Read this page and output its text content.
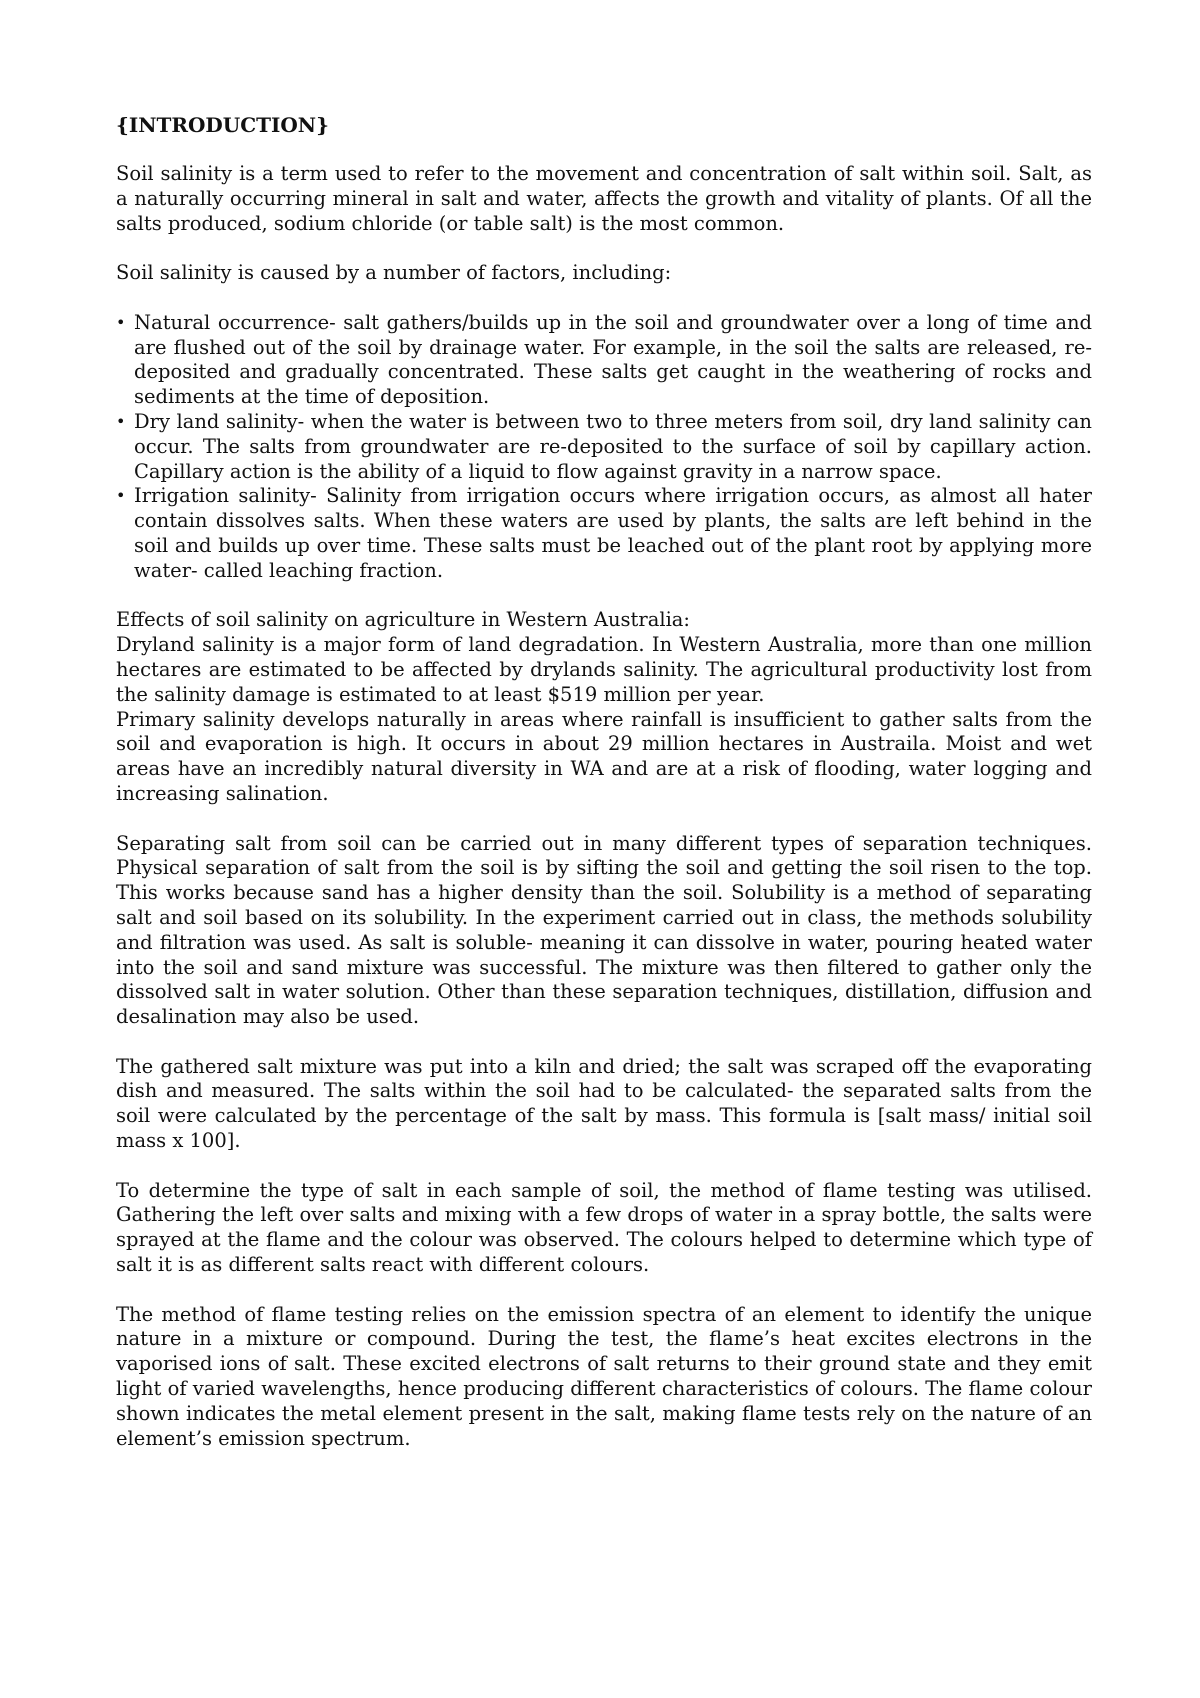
{INTRODUCTION}

Soil salinity is a term used to refer to the movement and concentration of salt within soil. Salt, as a naturally occurring mineral in salt and water, affects the growth and vitality of plants. Of all the salts produced, sodium chloride (or table salt) is the most common.

Soil salinity is caused by a number of factors, including:

• Natural occurrence- salt gathers/builds up in the soil and groundwater over a long of time and are flushed out of the soil by drainage water. For example, in the soil the salts are released, re-deposited and gradually concentrated. These salts get caught in the weathering of rocks and sediments at the time of deposition.
• Dry land salinity- when the water is between two to three meters from soil, dry land salinity can occur. The salts from groundwater are re-deposited to the surface of soil by capillary action. Capillary action is the ability of a liquid to flow against gravity in a narrow space.
• Irrigation salinity- Salinity from irrigation occurs where irrigation occurs, as almost all hater contain dissolves salts. When these waters are used by plants, the salts are left behind in the soil and builds up over time. These salts must be leached out of the plant root by applying more water- called leaching fraction.

Effects of soil salinity on agriculture in Western Australia:

Dryland salinity is a major form of land degradation. In Western Australia, more than one million hectares are estimated to be affected by drylands salinity. The agricultural productivity lost from the salinity damage is estimated to at least $519 million per year.

Primary salinity develops naturally in areas where rainfall is insufficient to gather salts from the soil and evaporation is high. It occurs in about 29 million hectares in Austraila. Moist and wet areas have an incredibly natural diversity in WA and are at a risk of flooding, water logging and increasing salination.

Separating salt from soil can be carried out in many different types of separation techniques. Physical separation of salt from the soil is by sifting the soil and getting the soil risen to the top. This works because sand has a higher density than the soil. Solubility is a method of separating salt and soil based on its solubility. In the experiment carried out in class, the methods solubility and filtration was used. As salt is soluble- meaning it can dissolve in water, pouring heated water into the soil and sand mixture was successful. The mixture was then filtered to gather only the dissolved salt in water solution. Other than these separation techniques, distillation, diffusion and desalination may also be used.

The gathered salt mixture was put into a kiln and dried; the salt was scraped off the evaporating dish and measured. The salts within the soil had to be calculated- the separated salts from the soil were calculated by the percentage of the salt by mass. This formula is [salt mass/ initial soil mass x 100].

To determine the type of salt in each sample of soil, the method of flame testing was utilised. Gathering the left over salts and mixing with a few drops of water in a spray bottle, the salts were sprayed at the flame and the colour was observed. The colours helped to determine which type of salt it is as different salts react with different colours.

The method of flame testing relies on the emission spectra of an element to identify the unique nature in a mixture or compound. During the test, the flame’s heat excites electrons in the vaporised ions of salt. These excited electrons of salt returns to their ground state and they emit light of varied wavelengths, hence producing different characteristics of colours. The flame colour shown indicates the metal element present in the salt, making flame tests rely on the nature of an element’s emission spectrum.
